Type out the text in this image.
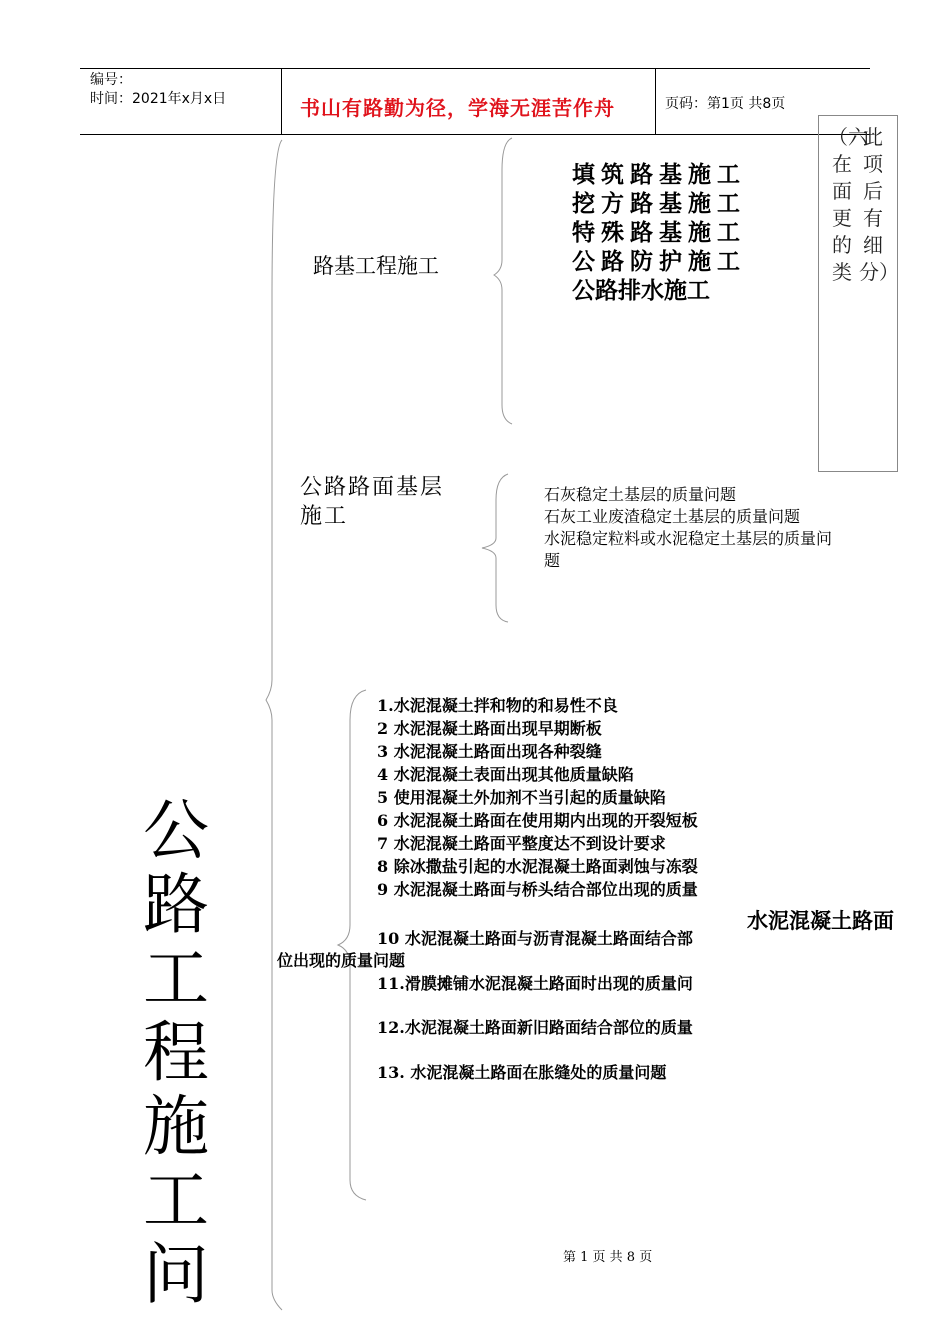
编号：
时间：2021年x月x日	书山有路勤为径，学海无涯苦作舟	页码：第1页 共8页
路基工程施工
填筑路基施工
挖方路基施工
特殊路基施工
公路防护施工
公路排水施工
（六在面更的类
此项后有细分）
公路路面基层
施工
石灰稳定土基层的质量问题
石灰工业废渣稳定土基层的质量问题
水泥稳定粒料或水泥稳定土基层的质量问
题
公
路
工
程
施
工
问
1.水泥混凝土拌和物的和易性不良
2 水泥混凝土路面出现早期断板
3 水泥混凝土路面出现各种裂缝
4 水泥混凝土表面出现其他质量缺陷
5 使用混凝土外加剂不当引起的质量缺陷
6 水泥混凝土路面在使用期内出现的开裂短板
7 水泥混凝土路面平整度达不到设计要求
8 除冰撒盐引起的水泥混凝土路面剥蚀与冻裂
9 水泥混凝土路面与桥头结合部位出现的质量
水泥混凝土路面
10 水泥混凝土路面与沥青混凝土路面结合部
位出现的质量问题
11.滑膜摊铺水泥混凝土路面时出现的质量问
12.水泥混凝土路面新旧路面结合部位的质量
13. 水泥混凝土路面在胀缝处的质量问题
第 1 页 共 8 页
